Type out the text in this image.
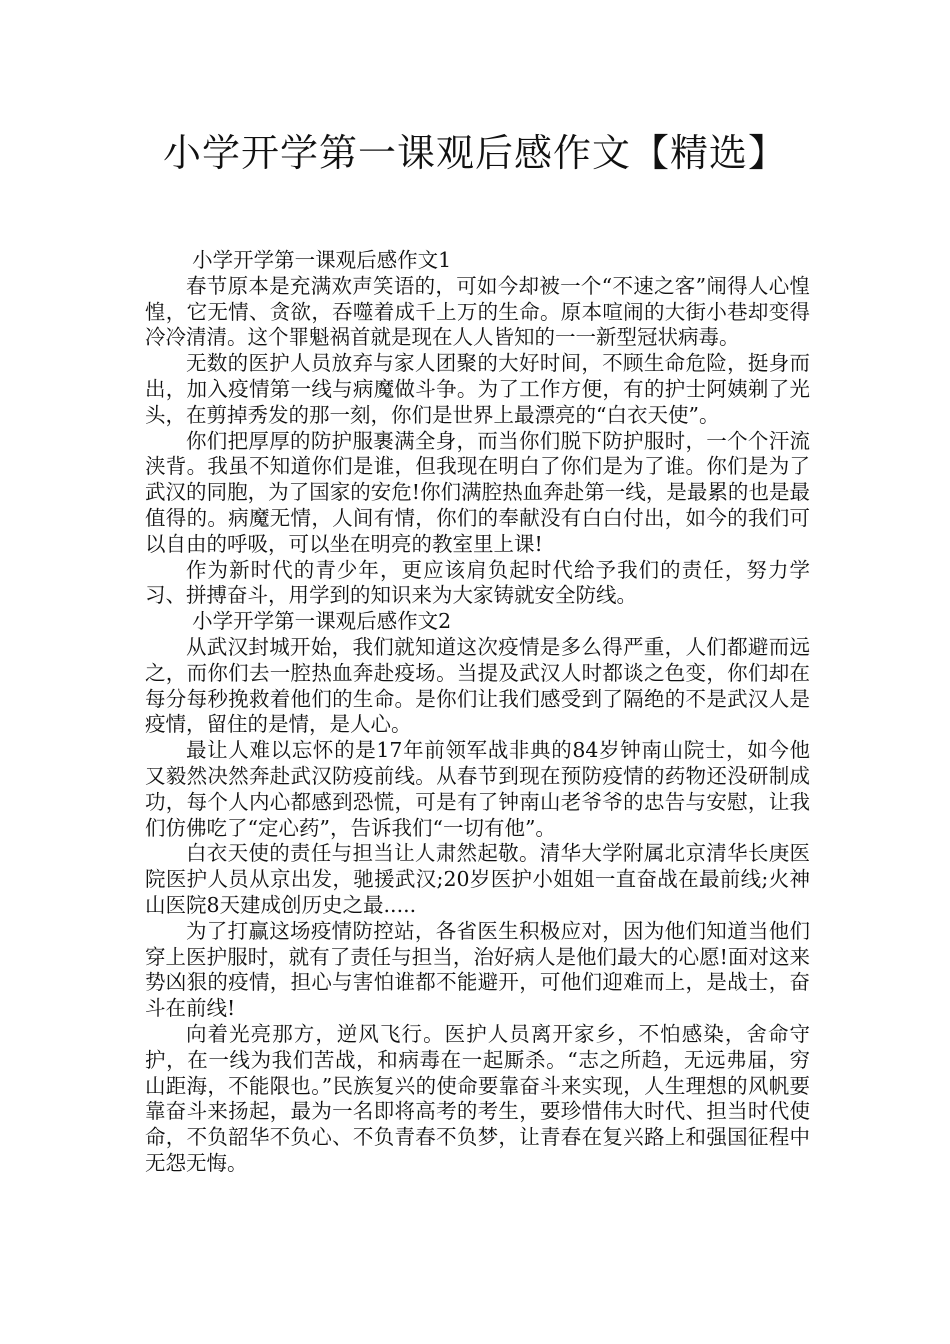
小学开学第一课观后感作文【精选】

小学开学第一课观后感作文1

春节原本是充满欢声笑语的，可如今却被一个“不速之客”闹得人心惶惶，它无情、贪欲，吞噬着成千上万的生命。原本喧闹的大街小巷却变得冷冷清清。这个罪魁祸首就是现在人人皆知的一一新型冠状病毒。

无数的医护人员放弃与家人团聚的大好时间，不顾生命危险，挺身而出，加入疫情第一线与病魔做斗争。为了工作方便，有的护士阿姨剃了光头，在剪掉秀发的那一刻，你们是世界上最漂亮的“白衣天使”。

你们把厚厚的防护服裹满全身，而当你们脱下防护服时，一个个汗流浃背。我虽不知道你们是谁，但我现在明白了你们是为了谁。你们是为了武汉的同胞，为了国家的安危!你们满腔热血奔赴第一线，是最累的也是最值得的。病魔无情，人间有情，你们的奉献没有白白付出，如今的我们可以自由的呼吸，可以坐在明亮的教室里上课!

作为新时代的青少年，更应该肩负起时代给予我们的责任，努力学习、拼搏奋斗，用学到的知识来为大家铸就安全防线。

小学开学第一课观后感作文2

从武汉封城开始，我们就知道这次疫情是多么得严重，人们都避而远之，而你们去一腔热血奔赴疫场。当提及武汉人时都谈之色变，你们却在每分每秒挽救着他们的生命。是你们让我们感受到了隔绝的不是武汉人是疫情，留住的是情，是人心。

最让人难以忘怀的是17年前领军战非典的84岁钟南山院士，如今他又毅然决然奔赴武汉防疫前线。从春节到现在预防疫情的药物还没研制成功，每个人内心都感到恐慌，可是有了钟南山老爷爷的忠告与安慰，让我们仿佛吃了“定心药”，告诉我们“一切有他”。

白衣天使的责任与担当让人肃然起敬。清华大学附属北京清华长庚医院医护人员从京出发，驰援武汉;20岁医护小姐姐一直奋战在最前线;火神山医院8天建成创历史之最.....

为了打赢这场疫情防控站，各省医生积极应对，因为他们知道当他们穿上医护服时，就有了责任与担当，治好病人是他们最大的心愿!面对这来势凶狠的疫情，担心与害怕谁都不能避开，可他们迎难而上，是战士，奋斗在前线!

向着光亮那方，逆风飞行。医护人员离开家乡，不怕感染，舍命守护，在一线为我们苦战，和病毒在一起厮杀。“志之所趋，无远弗届，穷山距海，不能限也。”民族复兴的使命要靠奋斗来实现，人生理想的风帆要靠奋斗来扬起，最为一名即将高考的考生，要珍惜伟大时代、担当时代使命，不负韶华不负心、不负青春不负梦，让青春在复兴路上和强国征程中无怨无悔。
